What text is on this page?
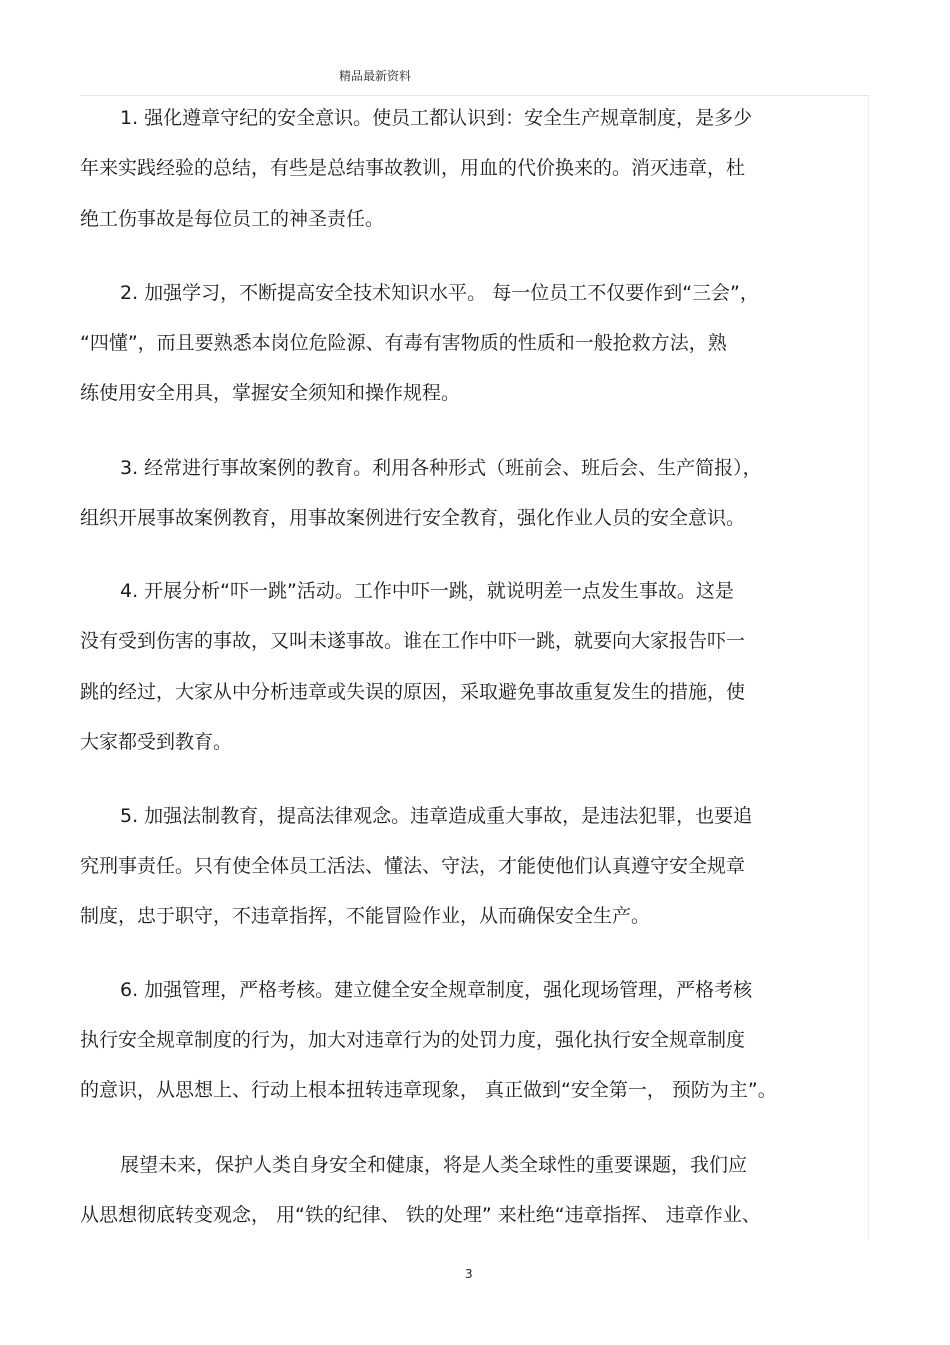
精品最新资料
1. 强化遵章守纪的安全意识。使员工都认识到：安全生产规章制度，是多少
年来实践经验的总结，有些是总结事故教训，用血的代价换来的。消灭违章，杜
绝工伤事故是每位员工的神圣责任。
2. 加强学习，不断提高安全技术知识水平。 每一位员工不仅要作到“三会”，
“四懂”，而且要熟悉本岗位危险源、有毒有害物质的性质和一般抢救方法，熟
练使用安全用具，掌握安全须知和操作规程。
3. 经常进行事故案例的教育。利用各种形式（班前会、班后会、生产简报），
组织开展事故案例教育，用事故案例进行安全教育，强化作业人员的安全意识。
4. 开展分析“吓一跳”活动。工作中吓一跳，就说明差一点发生事故。这是
没有受到伤害的事故，又叫未遂事故。谁在工作中吓一跳，就要向大家报告吓一
跳的经过，大家从中分析违章或失误的原因，采取避免事故重复发生的措施，使
大家都受到教育。
5. 加强法制教育，提高法律观念。违章造成重大事故，是违法犯罪，也要追
究刑事责任。只有使全体员工活法、懂法、守法，才能使他们认真遵守安全规章
制度，忠于职守，不违章指挥，不能冒险作业，从而确保安全生产。
6. 加强管理，严格考核。建立健全安全规章制度，强化现场管理，严格考核
执行安全规章制度的行为，加大对违章行为的处罚力度，强化执行安全规章制度
的意识，从思想上、行动上根本扭转违章现象， 真正做到“安全第一， 预防为主”。
展望未来，保护人类自身安全和健康，将是人类全球性的重要课题，我们应
从思想彻底转变观念， 用“铁的纪律、 铁的处理” 来杜绝“违章指挥、 违章作业、
3
